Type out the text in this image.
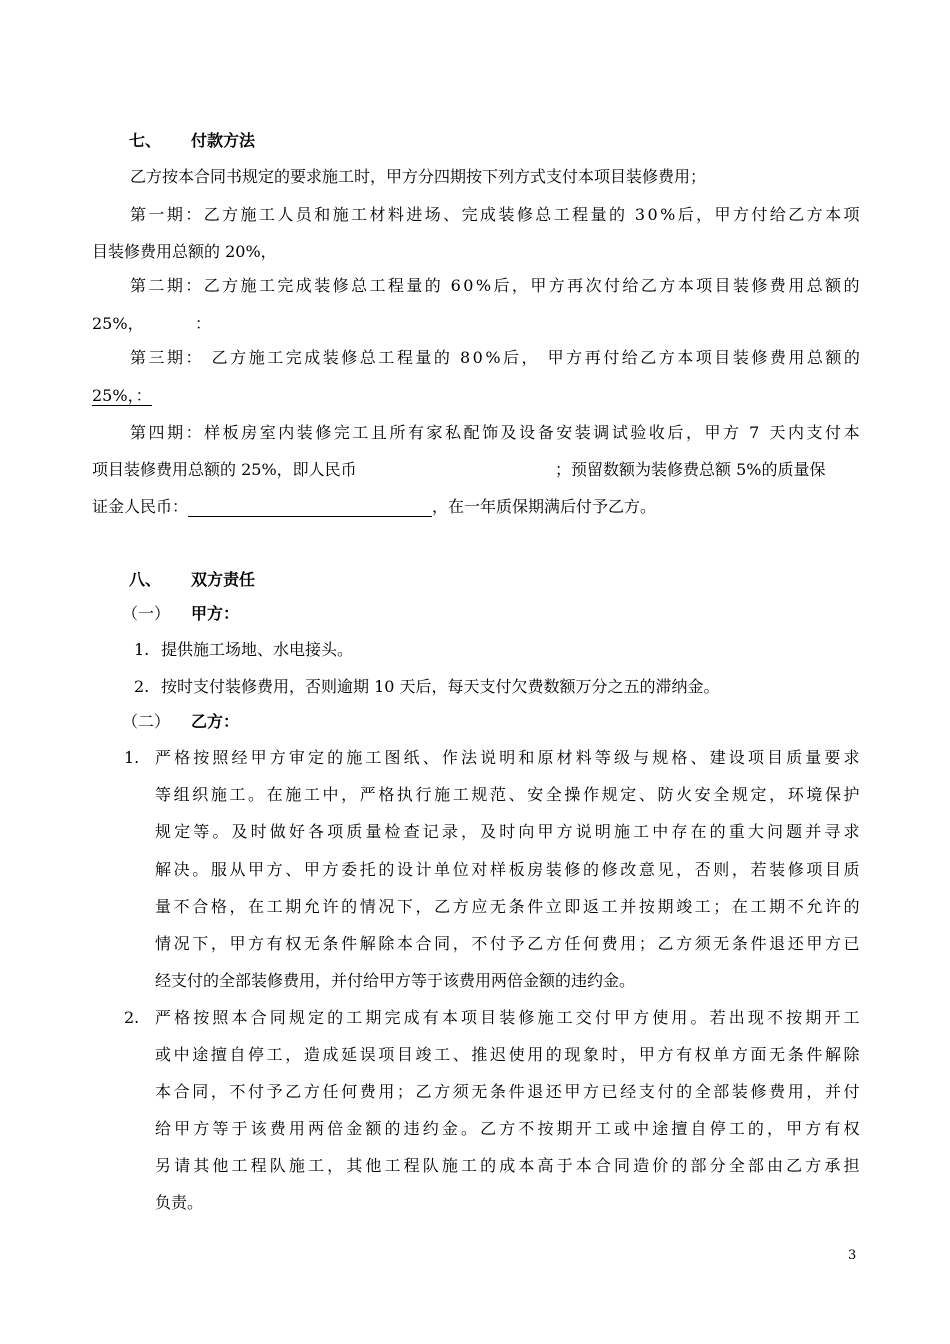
七、 付款方法
乙方按本合同书规定的要求施工时，甲方分四期按下列方式支付本项目装修费用；
第 一 期 ： 乙 方 施 工 人 员 和 施 工 材 料 进 场 、 完 成 装 修 总 工 程 量 的
3 0 % 后 ， 甲 方 付 给 乙 方 本 项
目装修费用总额的 20%，
第 二 期 ： 乙 方 施 工 完 成 装 修 总 工 程 量 的
6 0 % 后 ， 甲 方 再 次 付 给 乙 方 本 项 目 装 修 费 用 总 额 的
25%，	：
第 三 期 ：
乙 方 施 工 完 成 装 修 总 工 程 量 的
8 0 % 后 ，
甲 方 再 付 给 乙 方 本 项 目 装 修 费 用 总 额 的
25%，：
第 四 期 ： 样 板 房 室 内 装 修 完 工 且 所 有 家 私 配 饰 及 设 备 安 装 调 试 验 收 后 ， 甲 方
7
天 内 支 付 本
项目装修费用总额的 25%，即人民币	；预留数额为装修费总额 5%的质量保
证金人民币：	，在一年质保期满后付予乙方。
八、 双方责任
（一） 甲方：
1. 提供施工场地、水电接头。
2. 按时支付装修费用，否则逾期 10 天后，每天支付欠费数额万分之五的滞纳金。
（二） 乙方：
1. 严 格 按 照 经 甲 方 审 定 的 施 工 图 纸 、 作 法 说 明 和 原 材 料 等 级 与 规 格 、 建 设 项 目 质 量 要 求
等 组 织 施 工 。 在 施 工 中 ， 严 格 执 行 施 工 规 范 、 安 全 操 作 规 定 、 防 火 安 全 规 定 ， 环 境 保 护
规 定 等 。 及 时 做 好 各 项 质 量 检 查 记 录 ， 及 时 向 甲 方 说 明 施 工 中 存 在 的 重 大 问 题 并 寻 求
解 决 。 服 从 甲 方 、 甲 方 委 托 的 设 计 单 位 对 样 板 房 装 修 的 修 改 意 见 ， 否 则 ， 若 装 修 项 目 质
量 不 合 格 ， 在 工 期 允 许 的 情 况 下 ， 乙 方 应 无 条 件 立 即 返 工 并 按 期 竣 工 ； 在 工 期 不 允 许 的
情 况 下 ， 甲 方 有 权 无 条 件 解 除 本 合 同 ， 不 付 予 乙 方 任 何 费 用 ； 乙 方 须 无 条 件 退 还 甲 方 已
经支付的全部装修费用，并付给甲方等于该费用两倍金额的违约金。
2. 严 格 按 照 本 合 同 规 定 的 工 期 完 成 有 本 项 目 装 修 施 工 交 付 甲 方 使 用 。 若 出 现 不 按 期 开 工
或 中 途 擅 自 停 工 ， 造 成 延 误 项 目 竣 工 、 推 迟 使 用 的 现 象 时 ， 甲 方 有 权 单 方 面 无 条 件 解 除
本 合 同 ， 不 付 予 乙 方 任 何 费 用 ； 乙 方 须 无 条 件 退 还 甲 方 已 经 支 付 的 全 部 装 修 费 用 ， 并 付
给 甲 方 等 于 该 费 用 两 倍 金 额 的 违 约 金 。 乙 方 不 按 期 开 工 或 中 途 擅 自 停 工 的 ， 甲 方 有 权
另 请 其 他 工 程 队 施 工 ， 其 他 工 程 队 施 工 的 成 本 高 于 本 合 同 造 价 的 部 分 全 部 由 乙 方 承 担
负责。
3
